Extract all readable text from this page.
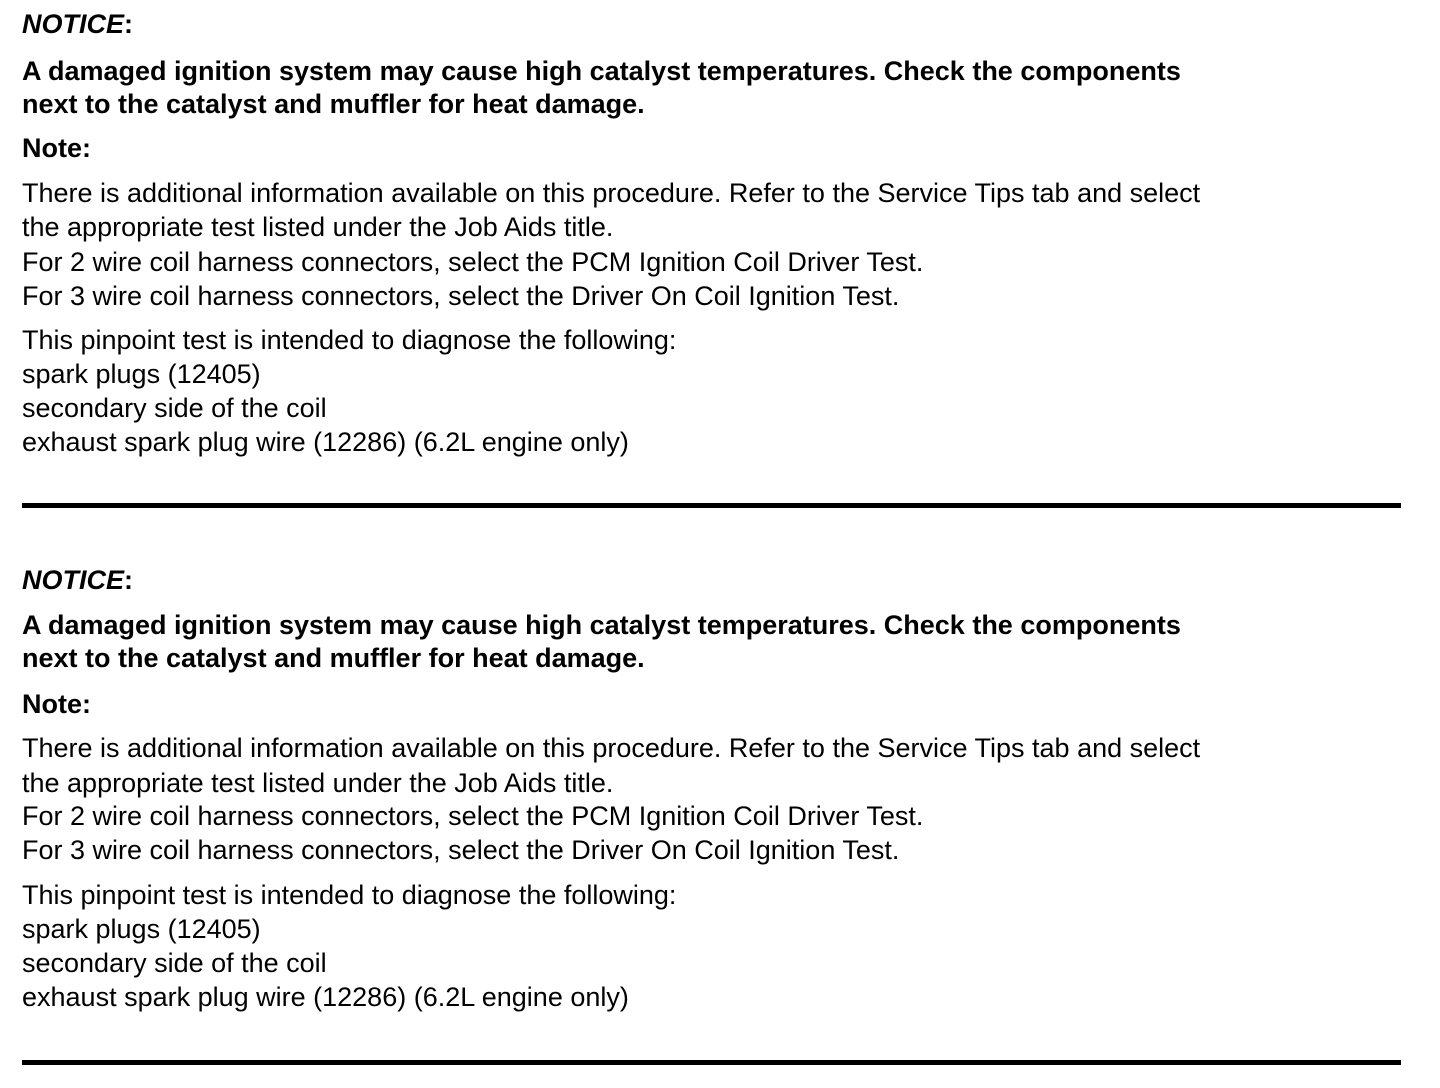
NOTICE:
A damaged ignition system may cause high catalyst temperatures. Check the components
next to the catalyst and muffler for heat damage.
Note:
There is additional information available on this procedure. Refer to the Service Tips tab and select
the appropriate test listed under the Job Aids title.
For 2 wire coil harness connectors, select the PCM Ignition Coil Driver Test.
For 3 wire coil harness connectors, select the Driver On Coil Ignition Test.
This pinpoint test is intended to diagnose the following:
spark plugs (12405)
secondary side of the coil
exhaust spark plug wire (12286) (6.2L engine only)
NOTICE:
A damaged ignition system may cause high catalyst temperatures. Check the components
next to the catalyst and muffler for heat damage.
Note:
There is additional information available on this procedure. Refer to the Service Tips tab and select
the appropriate test listed under the Job Aids title.
For 2 wire coil harness connectors, select the PCM Ignition Coil Driver Test.
For 3 wire coil harness connectors, select the Driver On Coil Ignition Test.
This pinpoint test is intended to diagnose the following:
spark plugs (12405)
secondary side of the coil
exhaust spark plug wire (12286) (6.2L engine only)
